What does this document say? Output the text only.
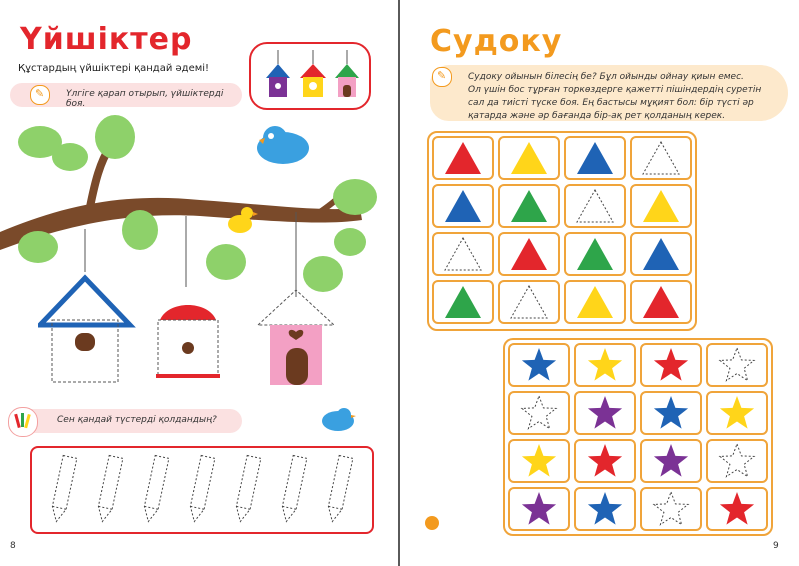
Үйшіктер
Құстардың үйшіктері қандай әдемі!
✎ Үлгіге қарап отырып, үйшіктерді боя.
Сен қандай түстерді қолдандың?
8
Судоку
✎ Судоку ойынын білесің бе? Бұл ойынды ойнау қиын емес.
Ол үшін бос тұрған торкөздерге қажетті пішіндердің суретін
сал да тиісті түске боя. Ең бастысы мұқият бол: бір түсті әр
қатарда және әр бағанда бір-ақ рет қолданың керек.
9
